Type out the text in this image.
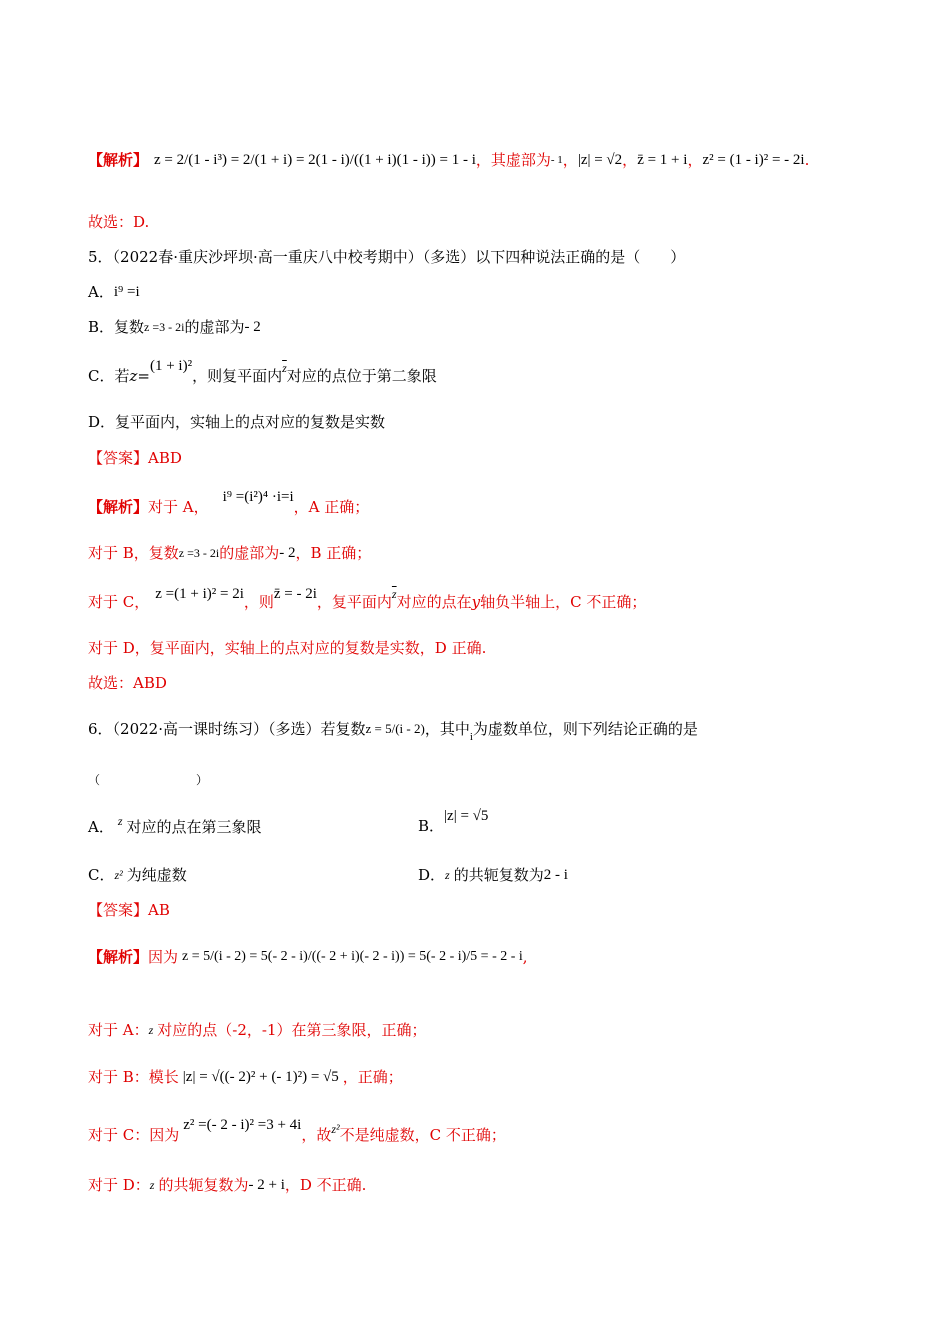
【解析】 z = 2/(1 - i³) = 2/(1 + i) = 2(1 - i)/((1 + i)(1 - i)) = 1 - i ，其虚部为 - 1 ， |z| = √2 ， z̄ = 1 + i ， z² = (1 - i)² = - 2i .
故选：D.
5．（2022春·重庆沙坪坝·高一重庆八中校考期中）（多选）以下四种说法正确的是（　　）
A． i⁹ =i
B．复数 z =3 - 2i 的虚部为 - 2
C．若 z=
(1 + i)²
，则复平面内 $\overline{z}$ 对应的点位于第二象限
D．复平面内，实轴上的点对应的复数是实数
【答案】ABD
【解析】 对于 A，
i⁹ =(i²)⁴ ·i=i
，A 正确；
对于 B，复数 z =3 - 2i 的虚部为 - 2 ，B 正确；
对于 C， z =(1 + i)² = 2i ，则 z̄ = - 2i ，复平面内 $\overline{z}$ 对应的点在 y 轴负半轴上，C 不正确；
对于 D，复平面内，实轴上的点对应的复数是实数，D 正确.
故选：ABD
6．（2022·高一课时练习）（多选）若复数 z = 5/(i - 2) ，其中 i 为虚数单位，则下列结论正确的是
（　　　　　　　　）
A． z 对应的点在第三象限	B．
|z| = √5
C． z² 为纯虚数	D． z 的共轭复数为 2 - i
【答案】AB
【解析】 因为 z = 5/(i - 2) = 5(- 2 - i)/((- 2 + i)(- 2 - i)) = 5(- 2 - i)/5 = - 2 - i ,
对于 A： z 对应的点（-2，-1）在第三象限，正确；
对于 B：模长 |z| = √((- 2)² + (- 1)²) = √5 ，正确；
对于 C：因为
z² =(- 2 - i)² =3 + 4i
，故 z² 不是纯虚数，C 不正确；
对于 D： z 的共轭复数为 - 2 + i ，D 不正确.
